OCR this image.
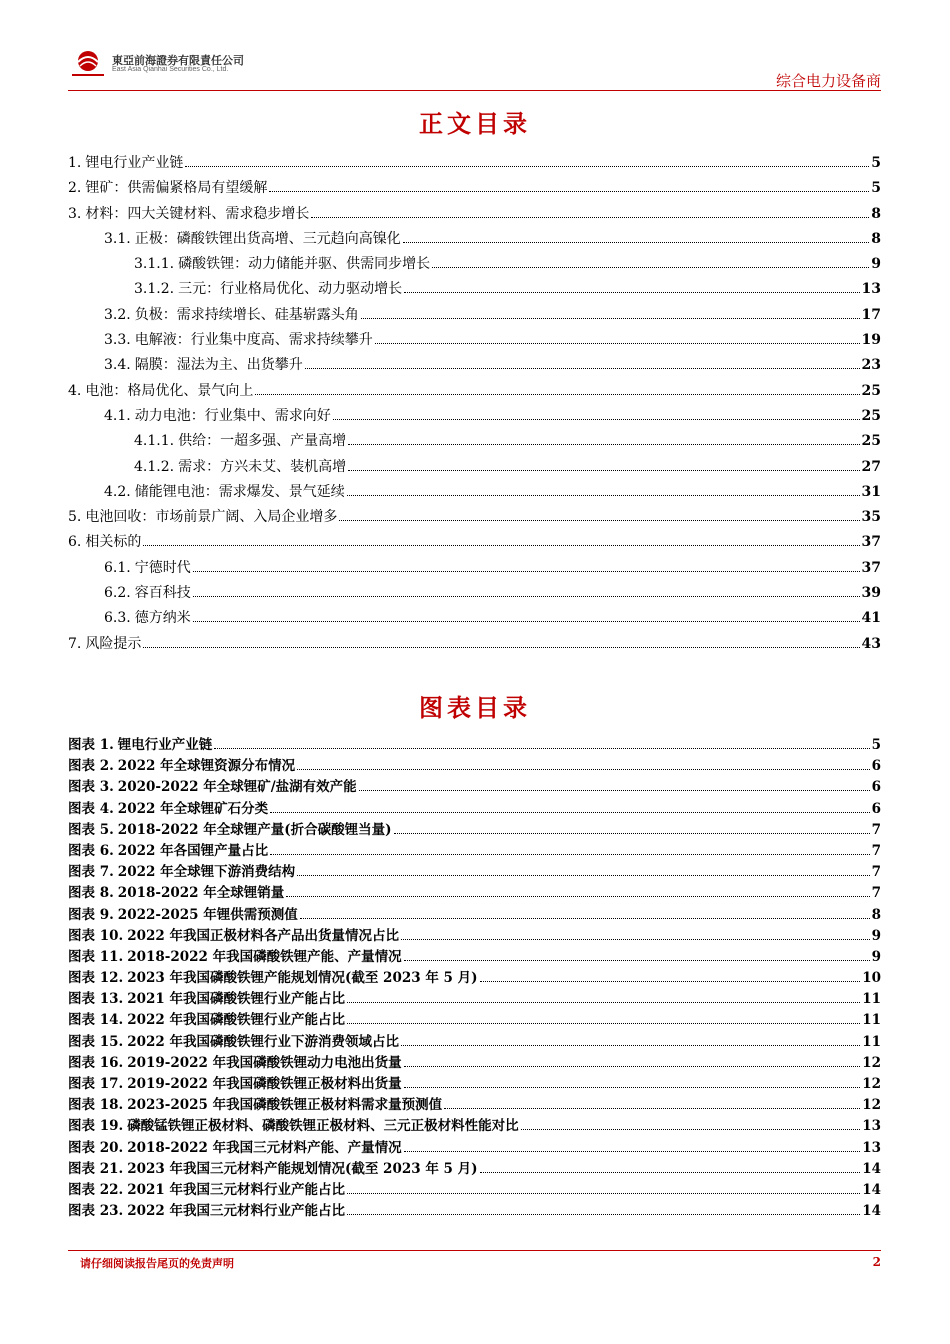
東亞前海證券有限責任公司
East Asia Qianhai Securities Co., Ltd.
综合电力设备商
正文目录
1. 锂电行业产业链	5
2. 锂矿：供需偏紧格局有望缓解	5
3. 材料：四大关键材料、需求稳步增长	8
3.1. 正极：磷酸铁锂出货高增、三元趋向高镍化	8
3.1.1. 磷酸铁锂：动力储能并驱、供需同步增长	9
3.1.2. 三元：行业格局优化、动力驱动增长	13
3.2. 负极：需求持续增长、硅基崭露头角	17
3.3. 电解液：行业集中度高、需求持续攀升	19
3.4. 隔膜：湿法为主、出货攀升	23
4. 电池：格局优化、景气向上	25
4.1. 动力电池：行业集中、需求向好	25
4.1.1. 供给：一超多强、产量高增	25
4.1.2. 需求：方兴未艾、装机高增	27
4.2. 储能锂电池：需求爆发、景气延续	31
5. 电池回收：市场前景广阔、入局企业增多	35
6. 相关标的	37
6.1. 宁德时代	37
6.2. 容百科技	39
6.3. 德方纳米	41
7. 风险提示	43
图表目录
图表 1. 锂电行业产业链	5
图表 2. 2022 年全球锂资源分布情况	6
图表 3. 2020-2022 年全球锂矿/盐湖有效产能	6
图表 4. 2022 年全球锂矿石分类	6
图表 5. 2018-2022 年全球锂产量(折合碳酸锂当量)	7
图表 6. 2022 年各国锂产量占比	7
图表 7. 2022 年全球锂下游消费结构	7
图表 8. 2018-2022 年全球锂销量	7
图表 9. 2022-2025 年锂供需预测值	8
图表 10. 2022 年我国正极材料各产品出货量情况占比	9
图表 11. 2018-2022 年我国磷酸铁锂产能、产量情况	9
图表 12. 2023 年我国磷酸铁锂产能规划情况(截至 2023 年 5 月)	10
图表 13. 2021 年我国磷酸铁锂行业产能占比	11
图表 14. 2022 年我国磷酸铁锂行业产能占比	11
图表 15. 2022 年我国磷酸铁锂行业下游消费领域占比	11
图表 16. 2019-2022 年我国磷酸铁锂动力电池出货量	12
图表 17. 2019-2022 年我国磷酸铁锂正极材料出货量	12
图表 18. 2023-2025 年我国磷酸铁锂正极材料需求量预测值	12
图表 19. 磷酸锰铁锂正极材料、磷酸铁锂正极材料、三元正极材料性能对比	13
图表 20. 2018-2022 年我国三元材料产能、产量情况	13
图表 21. 2023 年我国三元材料产能规划情况(截至 2023 年 5 月)	14
图表 22. 2021 年我国三元材料行业产能占比	14
图表 23. 2022 年我国三元材料行业产能占比	14
请仔细阅读报告尾页的免责声明	2
